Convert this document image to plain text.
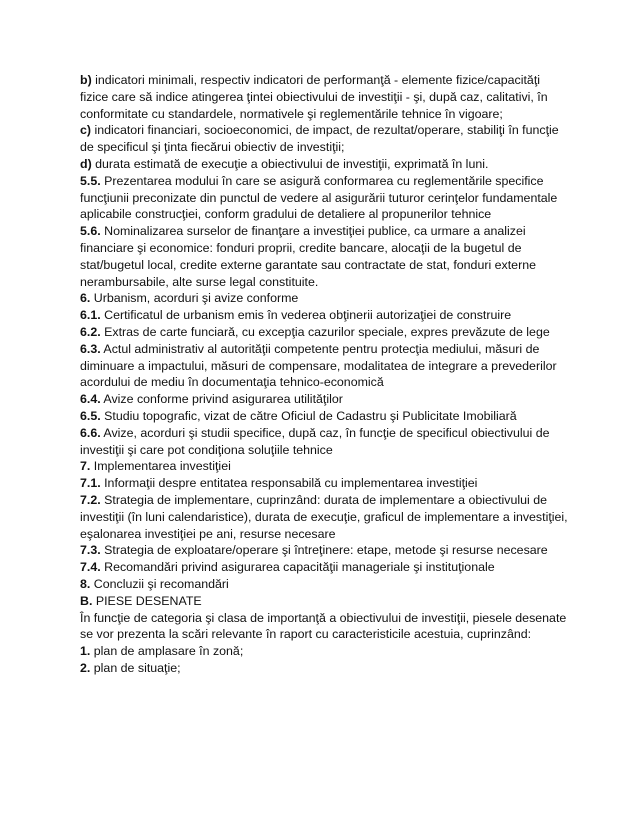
b) indicatori minimali, respectiv indicatori de performanţă - elemente fizice/capacităţi fizice care să indice atingerea ţintei obiectivului de investiţii - şi, după caz, calitativi, în conformitate cu standardele, normativele şi reglementările tehnice în vigoare;

c) indicatori financiari, socioeconomici, de impact, de rezultat/operare, stabiliţi în funcţie de specificul şi ţinta fiecărui obiectiv de investiţii;

d) durata estimată de execuţie a obiectivului de investiţii, exprimată în luni.

5.5. Prezentarea modului în care se asigură conformarea cu reglementările specifice funcţiunii preconizate din punctul de vedere al asigurării tuturor cerinţelor fundamentale aplicabile construcţiei, conform gradului de detaliere al propunerilor tehnice

5.6. Nominalizarea surselor de finanţare a investiţiei publice, ca urmare a analizei financiare şi economice: fonduri proprii, credite bancare, alocaţii de la bugetul de stat/bugetul local, credite externe garantate sau contractate de stat, fonduri externe nerambursabile, alte surse legal constituite.

6. Urbanism, acorduri şi avize conforme

6.1. Certificatul de urbanism emis în vederea obţinerii autorizaţiei de construire

6.2. Extras de carte funciară, cu excepţia cazurilor speciale, expres prevăzute de lege

6.3. Actul administrativ al autorităţii competente pentru protecţia mediului, măsuri de diminuare a impactului, măsuri de compensare, modalitatea de integrare a prevederilor acordului de mediu în documentaţia tehnico-economică

6.4. Avize conforme privind asigurarea utilităţilor

6.5. Studiu topografic, vizat de către Oficiul de Cadastru şi Publicitate Imobiliară

6.6. Avize, acorduri şi studii specifice, după caz, în funcţie de specificul obiectivului de investiţii şi care pot condiţiona soluţiile tehnice

7. Implementarea investiţiei

7.1. Informaţii despre entitatea responsabilă cu implementarea investiţiei

7.2. Strategia de implementare, cuprinzând: durata de implementare a obiectivului de investiţii (în luni calendaristice), durata de execuţie, graficul de implementare a investiţiei, eşalonarea investiţiei pe ani, resurse necesare

7.3. Strategia de exploatare/operare şi întreţinere: etape, metode şi resurse necesare

7.4. Recomandări privind asigurarea capacităţii manageriale şi instituţionale

8. Concluzii şi recomandări

B. PIESE DESENATE

În funcţie de categoria şi clasa de importanţă a obiectivului de investiţii, piesele desenate se vor prezenta la scări relevante în raport cu caracteristicile acestuia, cuprinzând:

1. plan de amplasare în zonă;

2. plan de situaţie;
